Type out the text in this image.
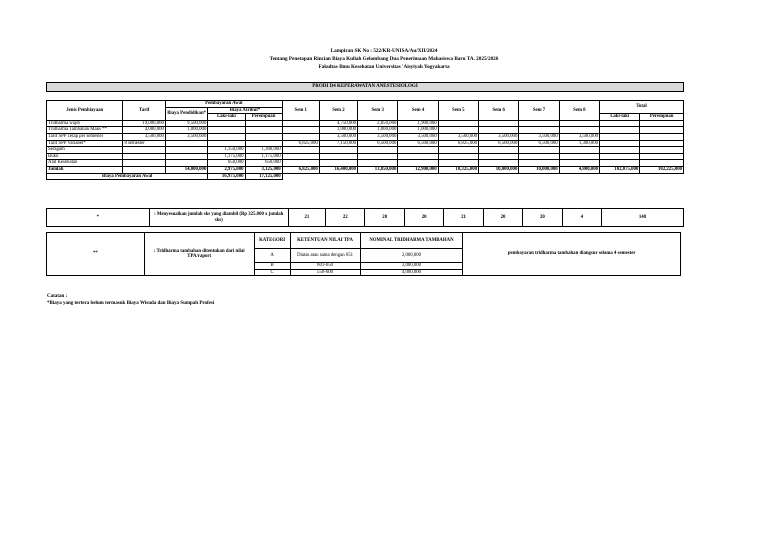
Lampiran SK No : 522/KR-UNISA/Au/XII/2024
Tentang Penetapan Rincian Biaya Kuliah Gelombang Dua Penerimaan Mahasiswa Baru TA. 2025/2026
Fakultas Ilmu Kesehatan Universitas 'Aisyiyah Yogyakarta
PRODI D4 KEPERAWATAN ANESTESIOLOGI
Jenis Pembiayaan	Tarif	Pembayaran Awal			Sem 1	Sem 2	Sem 3	Sem 4	Sem 5	Sem 6	Sem 7	Sem 8	Total	
		Biaya Pendidikan*	Biaya Atribut*											
			Laki-laki	Perempuan									Laki-laki	Perempuan
Tridharma wajib	19,000,000	9,500,000				4,750,000	2,850,000	1,900,000						
Tridharma Tambahan Maks **	4,000,000	1,000,000				1,000,000	1,000,000	1,000,000						
Tarif SPP Tetap per semester	3,500,000	3,500,000				3,500,000	3,500,000	3,500,000	3,500,000	3,500,000	3,500,000	3,500,000		
Tarif SPP Variabel*	8 semester				6,825,000	7,150,000	6,500,000	6,500,000	6,825,000	6,500,000	6,500,000	1,300,000		
Seragam			1,150,000	1,300,000										
Buku			1,175,000	1,175,000										
Alat Kesehatan			650,000	650,000										
Jumlah		14,000,000	2,975,000	3,125,000	6,825,000	16,400,000	13,850,000	12,900,000	10,325,000	10,000,000	10,000,000	4,800,000	102,075,000	102,225,000
Biaya Pembayaran Awal			16,975,000	17,125,000										
*	: Menyesuaikan jumlah sks yang diambil (Rp 325.000 x jumlah sks)	21	22	20	20	21	20	20	4	148
**	: Tridharma tambahan ditentukan dari nilai TPA/raport	KATEGORI	KETENTUAN NILAI TPA	NOMINAL TRIDHARMA TAMBAHAN	pembayaran tridharma tambahan diangsur selama 4 semester
		A	Diatas atau sama dengan 651	2,000,000	
		B	601-650	3,000,000	
		C	550-600	4,000,000	
Catatan :
*Biaya yang tertera belum termasuk Biaya Wisuda dan Biaya Sumpah Profesi
